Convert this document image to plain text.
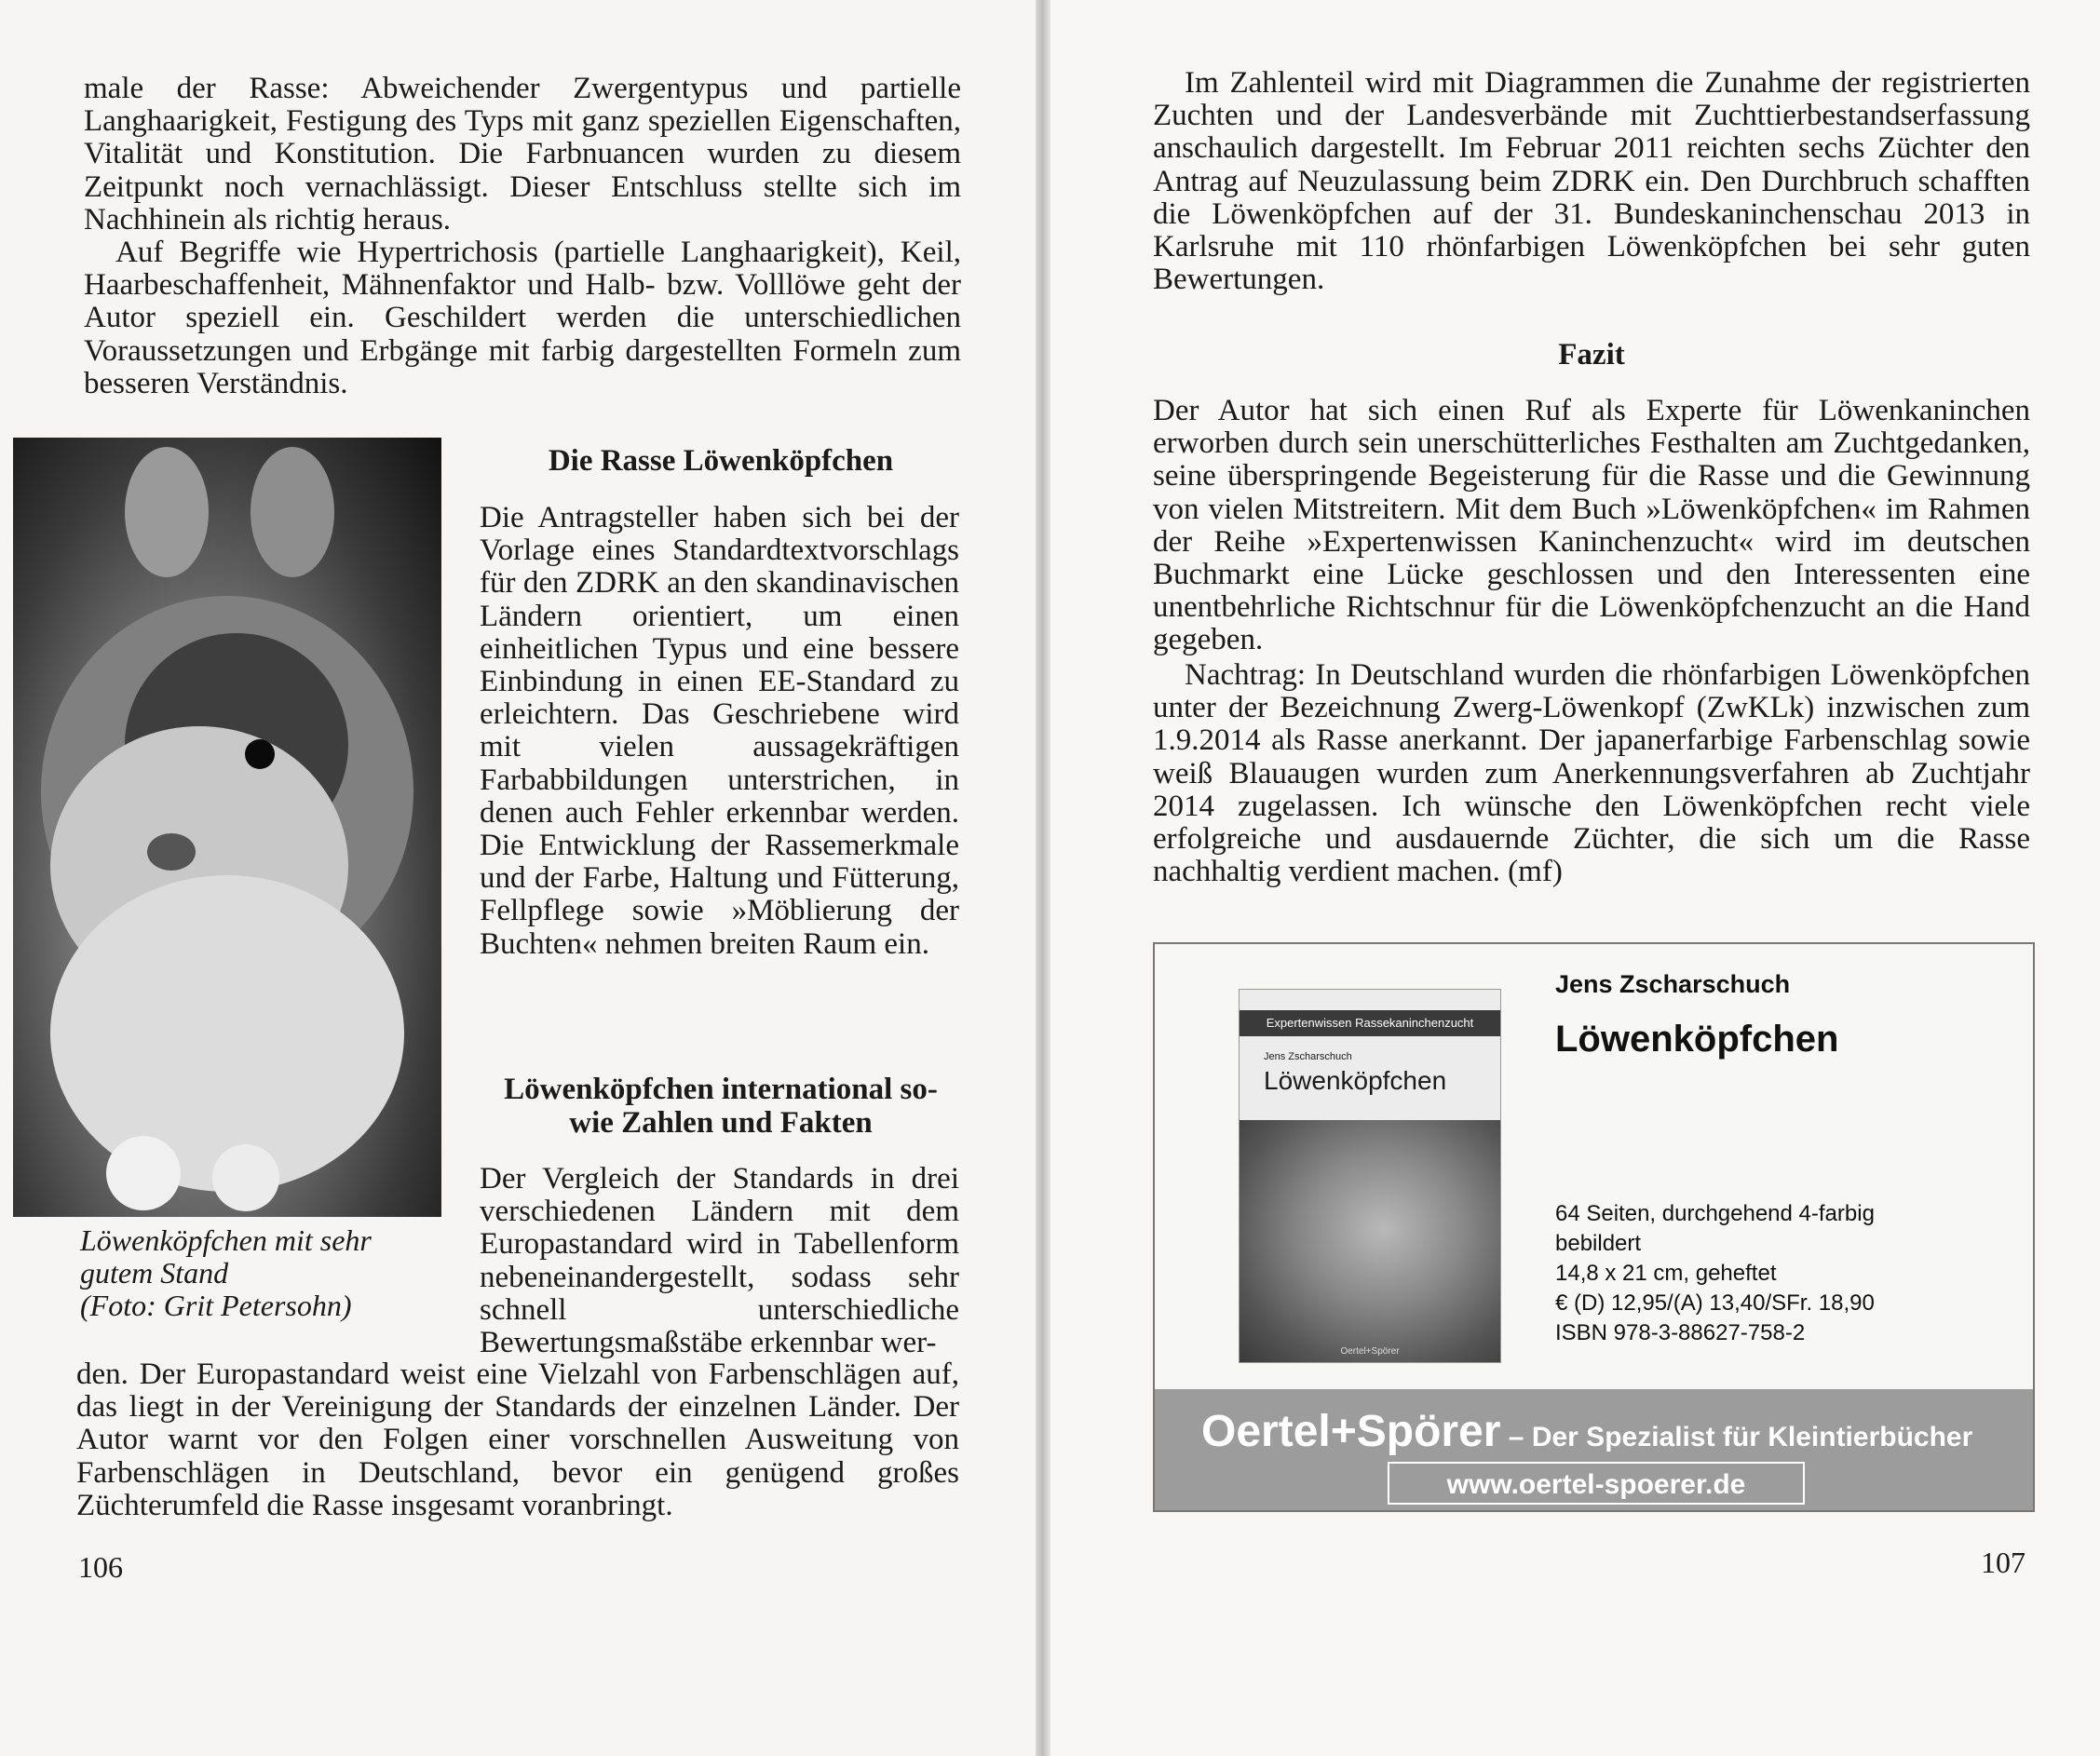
male der Rasse: Abweichender Zwergentypus und partielle Langhaarigkeit, Festigung des Typs mit ganz speziellen Eigenschaften, Vitalität und Konstitution. Die Farbnuancen wurden zu diesem Zeitpunkt noch vernachlässigt. Dieser Entschluss stellte sich im Nachhinein als richtig heraus.

Auf Begriffe wie Hypertrichosis (partielle Langhaarigkeit), Keil, Haarbeschaffenheit, Mähnenfaktor und Halb- bzw. Volllöwe geht der Autor speziell ein. Geschildert werden die unterschiedlichen Voraussetzungen und Erbgänge mit farbig dargestellten Formeln zum besseren Verständnis.

Löwenköpfchen mit sehr
gutem Stand
(Foto: Grit Petersohn)

Die Rasse Löwenköpfchen

Die Antragsteller haben sich bei der Vorlage eines Standardtextvorschlags für den ZDRK an den skandinavischen Ländern orientiert, um einen einheitlichen Typus und eine bessere Einbindung in einen EE-Standard zu erleichtern. Das Geschriebene wird mit vielen aussagekräftigen Farbabbildungen unterstrichen, in denen auch Fehler erkennbar werden. Die Entwicklung der Rassemerkmale und der Farbe, Haltung und Fütterung, Fellpflege sowie »Möblierung der Buchten« nehmen breiten Raum ein.

Löwenköpfchen international so-
wie Zahlen und Fakten

Der Vergleich der Standards in drei verschiedenen Ländern mit dem Europastandard wird in Tabellenform nebeneinandergestellt, sodass sehr schnell unterschiedliche Bewertungsmaßstäbe erkennbar wer-

den. Der Europastandard weist eine Vielzahl von Farbenschlägen auf, das liegt in der Vereinigung der Standards der einzelnen Länder. Der Autor warnt vor den Folgen einer vorschnellen Ausweitung von Farbenschlägen in Deutschland, bevor ein genügend großes Züchterumfeld die Rasse insgesamt voranbringt.

106

Im Zahlenteil wird mit Diagrammen die Zunahme der registrierten Zuchten und der Landesverbände mit Zuchttierbestandserfassung anschaulich dargestellt. Im Februar 2011 reichten sechs Züchter den Antrag auf Neuzulassung beim ZDRK ein. Den Durchbruch schafften die Löwenköpfchen auf der 31. Bundeskaninchenschau 2013 in Karlsruhe mit 110 rhönfarbigen Löwenköpfchen bei sehr guten Bewertungen.

Fazit

Der Autor hat sich einen Ruf als Experte für Löwenkaninchen erworben durch sein unerschütterliches Festhalten am Zuchtgedanken, seine überspringende Begeisterung für die Rasse und die Gewinnung von vielen Mitstreitern. Mit dem Buch »Löwenköpfchen« im Rahmen der Reihe »Expertenwissen Kaninchenzucht« wird im deutschen Buchmarkt eine Lücke geschlossen und den Interessenten eine unentbehrliche Richtschnur für die Löwenköpfchenzucht an die Hand gegeben.

Nachtrag: In Deutschland wurden die rhönfarbigen Löwenköpfchen unter der Bezeichnung Zwerg-Löwenkopf (ZwKLk) inzwischen zum 1.9.2014 als Rasse anerkannt. Der japanerfarbige Farbenschlag sowie weiß Blauaugen wurden zum Anerkennungsverfahren ab Zuchtjahr 2014 zugelassen. Ich wünsche den Löwenköpfchen recht viele erfolgreiche und ausdauernde Züchter, die sich um die Rasse nachhaltig verdient machen. (mf)

107

Expertenwissen Rassekaninchenzucht
Jens Zscharschuch
Löwenköpfchen
Oertel+Spörer

Jens Zscharschuch

Löwenköpfchen

64 Seiten, durchgehend 4-farbig
bebildert
14,8 x 21 cm, geheftet
€ (D) 12,95/(A) 13,40/SFr. 18,90
ISBN 978-3-88627-758-2
Oertel+Spörer – Der Spezialist für Kleintierbücher
www.oertel-spoerer.de
